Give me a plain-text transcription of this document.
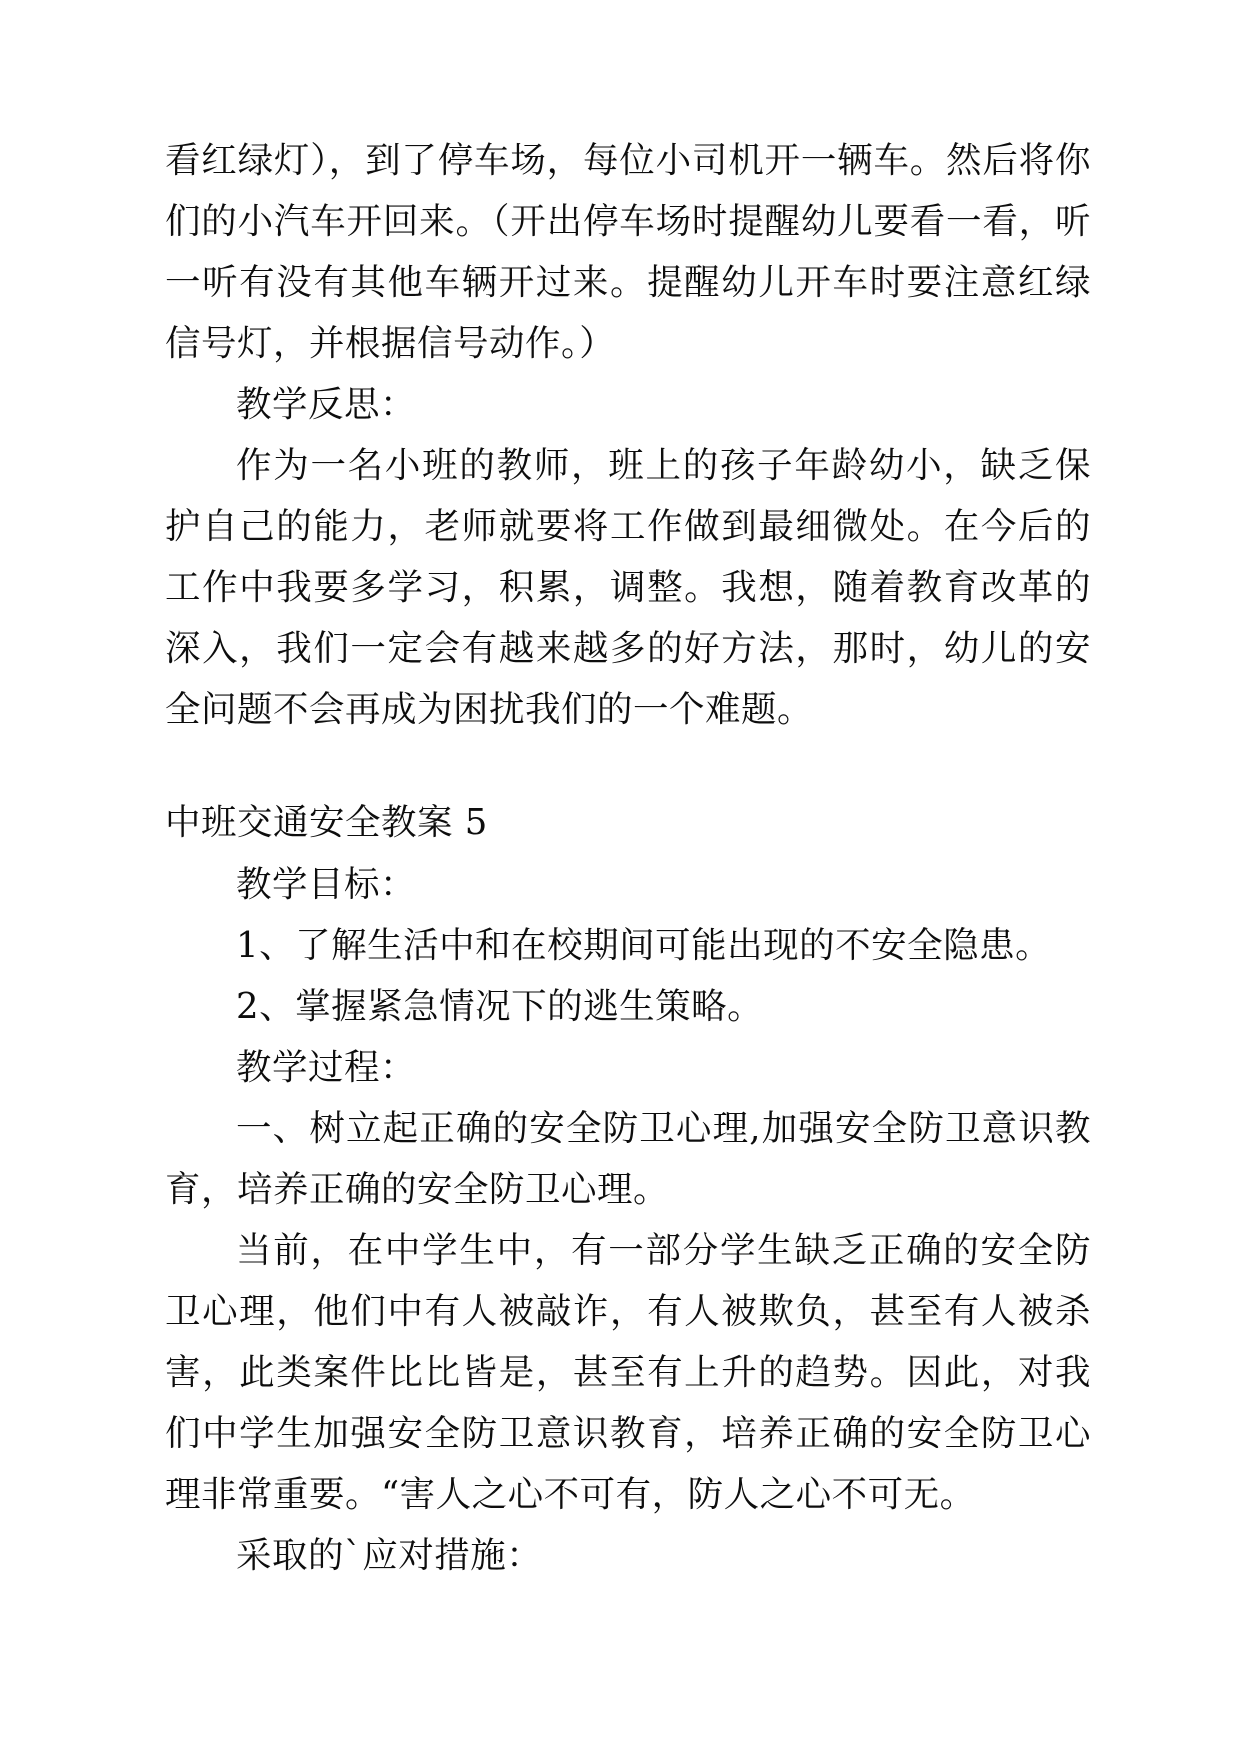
看红绿灯），到了停车场，每位小司机开一辆车。然后将你们的小汽车开回来。（开出停车场时提醒幼儿要看一看，听一听有没有其他车辆开过来。提醒幼儿开车时要注意红绿信号灯，并根据信号动作。）

教学反思：

作为一名小班的教师，班上的孩子年龄幼小，缺乏保护自己的能力，老师就要将工作做到最细微处。在今后的工作中我要多学习，积累，调整。我想，随着教育改革的深入，我们一定会有越来越多的好方法，那时，幼儿的安全问题不会再成为困扰我们的一个难题。

中班交通安全教案 5

教学目标：

1、了解生活中和在校期间可能出现的不安全隐患。

2、掌握紧急情况下的逃生策略。

教学过程：

一、树立起正确的安全防卫心理,加强安全防卫意识教育，培养正确的安全防卫心理。

当前，在中学生中，有一部分学生缺乏正确的安全防卫心理，他们中有人被敲诈，有人被欺负，甚至有人被杀害，此类案件比比皆是，甚至有上升的趋势。因此，对我们中学生加强安全防卫意识教育，培养正确的安全防卫心理非常重要。“害人之心不可有，防人之心不可无。

采取的`应对措施：
